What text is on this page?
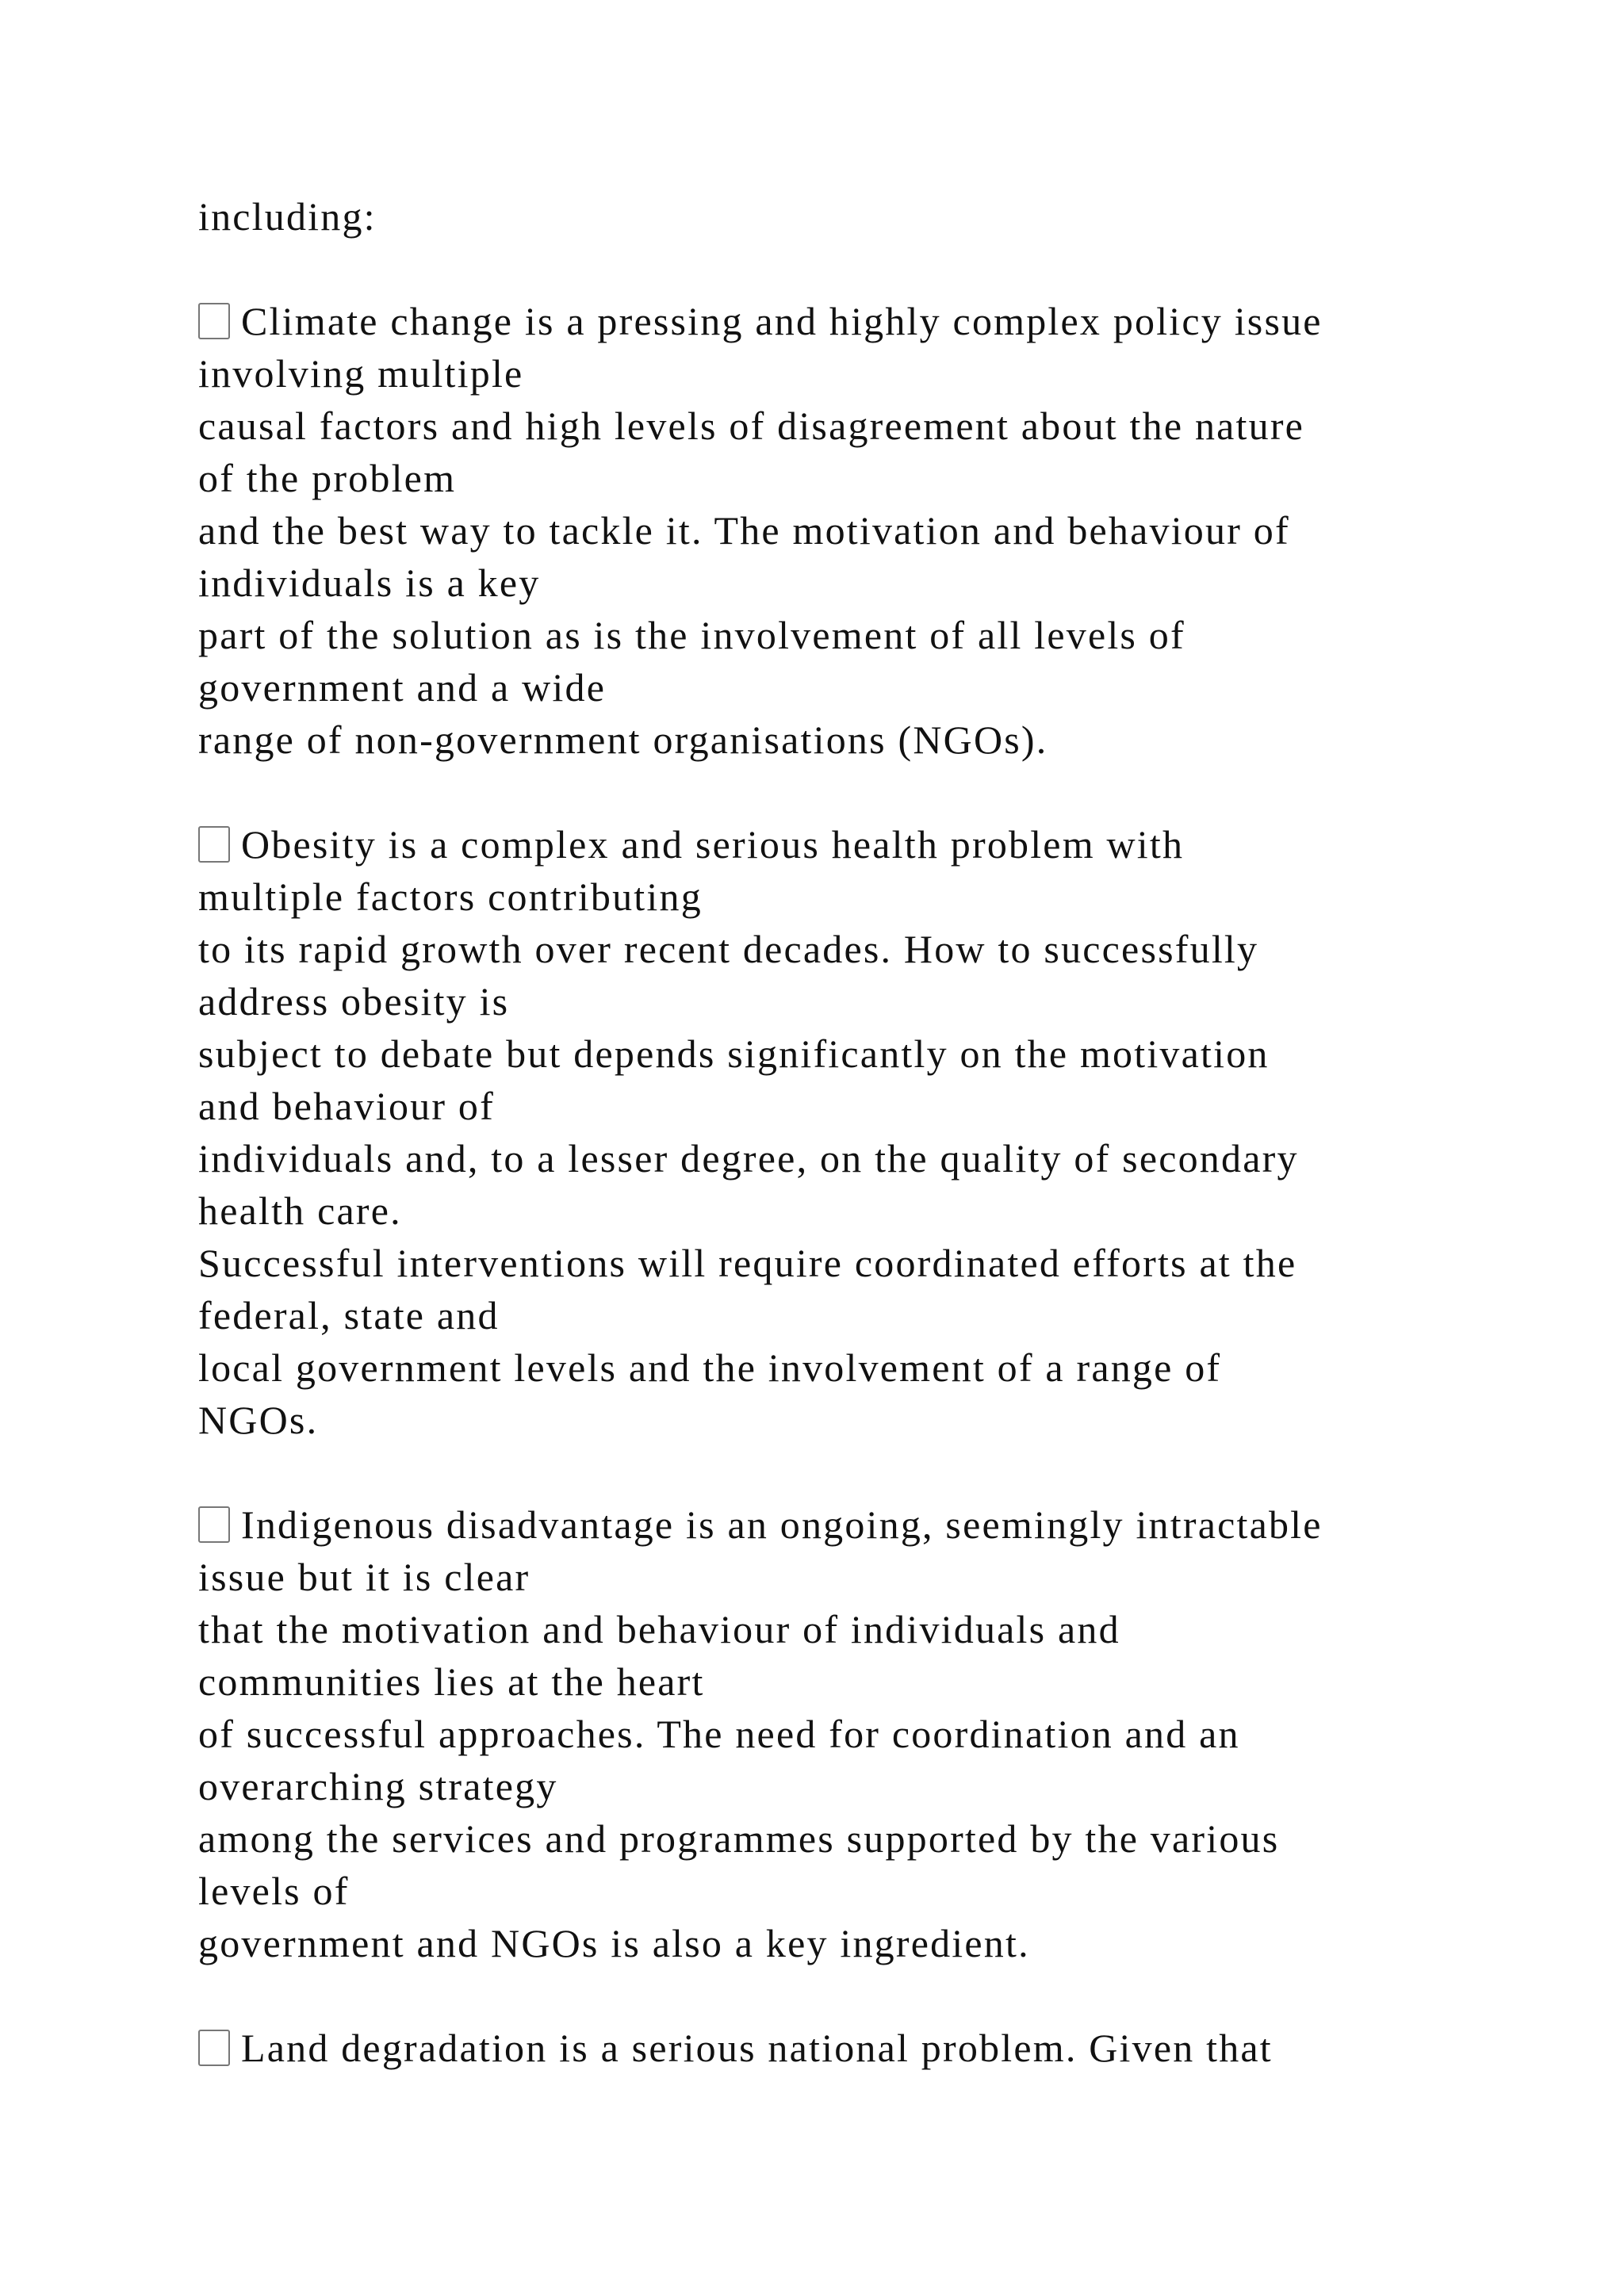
including:
Climate change is a pressing and highly complex policy issue
involving multiple
causal factors and high levels of disagreement about the nature
of the problem
and the best way to tackle it. The motivation and behaviour of
individuals is a key
part of the solution as is the involvement of all levels of
government and a wide
range of non-government organisations (NGOs).
Obesity is a complex and serious health problem with
multiple factors contributing
to its rapid growth over recent decades. How to successfully
address obesity is
subject to debate but depends significantly on the motivation
and behaviour of
individuals and, to a lesser degree, on the quality of secondary
health care.
Successful interventions will require coordinated efforts at the
federal, state and
local government levels and the involvement of a range of
NGOs.
Indigenous disadvantage is an ongoing, seemingly intractable
issue but it is clear
that the motivation and behaviour of individuals and
communities lies at the heart
of successful approaches. The need for coordination and an
overarching strategy
among the services and programmes supported by the various
levels of
government and NGOs is also a key ingredient.
Land degradation is a serious national problem. Given that
